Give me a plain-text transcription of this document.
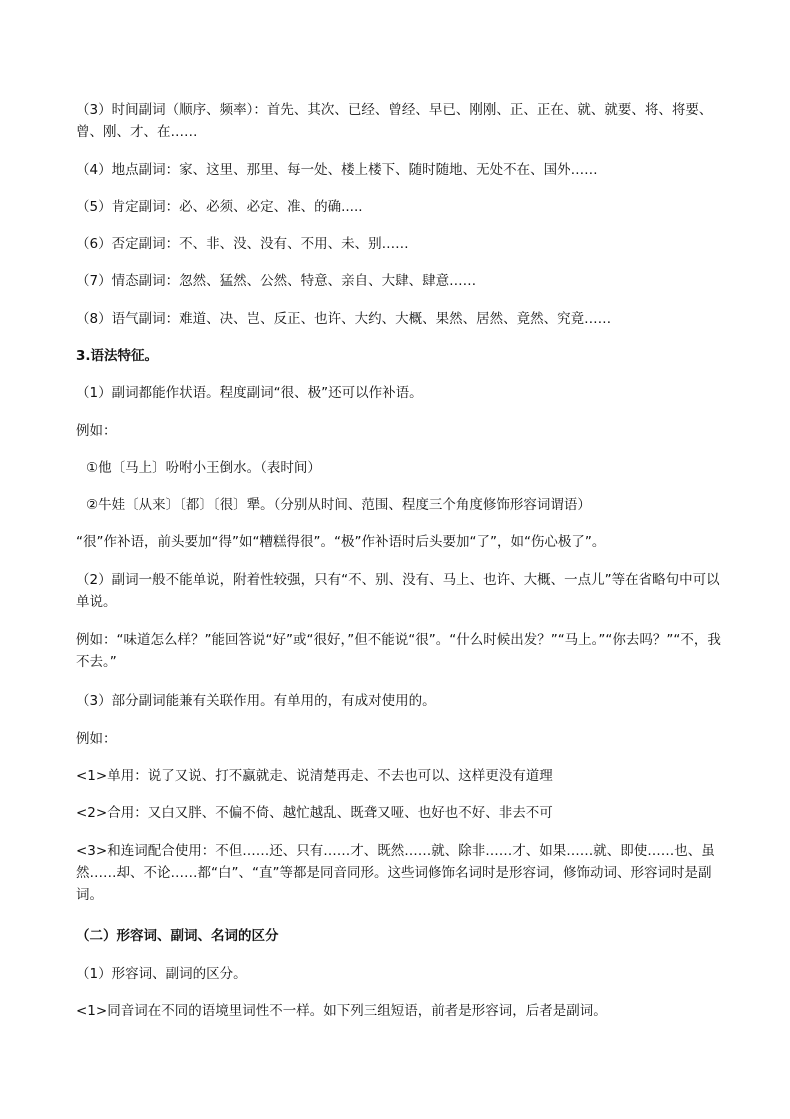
（3）时间副词（顺序、频率）：首先、其次、已经、曾经、早已、刚刚、正、正在、就、就要、将、将要、曾、刚、才、在……
（4）地点副词：家、这里、那里、每一处、楼上楼下、随时随地、无处不在、国外……
（5）肯定副词：必、必须、必定、准、的确.....
（6）否定副词：不、非、没、没有、不用、未、别……
（7）情态副词：忽然、猛然、公然、特意、亲自、大肆、肆意……
（8）语气副词：难道、决、岂、反正、也许、大约、大概、果然、居然、竟然、究竟……
3.语法特征。
（1）副词都能作状语。程度副词“很、极”还可以作补语。
例如：
①他〔马上〕吩咐小王倒水。（表时间）
②牛娃〔从来〕〔都〕〔很〕犟。（分别从时间、范围、程度三个角度修饰形容词谓语）
“很”作补语，前头要加“得”如“糟糕得很”。“极”作补语时后头要加“了”，如“伤心极了”。
（2）副词一般不能单说，附着性较强，只有“不、别、没有、马上、也许、大概、一点儿”等在省略句中可以单说。
例如：“味道怎么样？”能回答说“好”或“很好，”但不能说“很”。“什么时候出发？”“马上。”“你去吗？”“不，我不去。”
（3）部分副词能兼有关联作用。有单用的，有成对使用的。
例如：
<1>单用：说了又说、打不赢就走、说清楚再走、不去也可以、这样更没有道理
<2>合用：又白又胖、不偏不倚、越忙越乱、既聋又哑、也好也不好、非去不可
<3>和连词配合使用：不但……还、只有……才、既然……就、除非……才、如果……就、即使……也、虽然……却、不论……都“白”、“直”等都是同音同形。这些词修饰名词时是形容词，修饰动词、形容词时是副词。
（二）形容词、副词、名词的区分
（1）形容词、副词的区分。
<1>同音词在不同的语境里词性不一样。如下列三组短语，前者是形容词，后者是副词。
